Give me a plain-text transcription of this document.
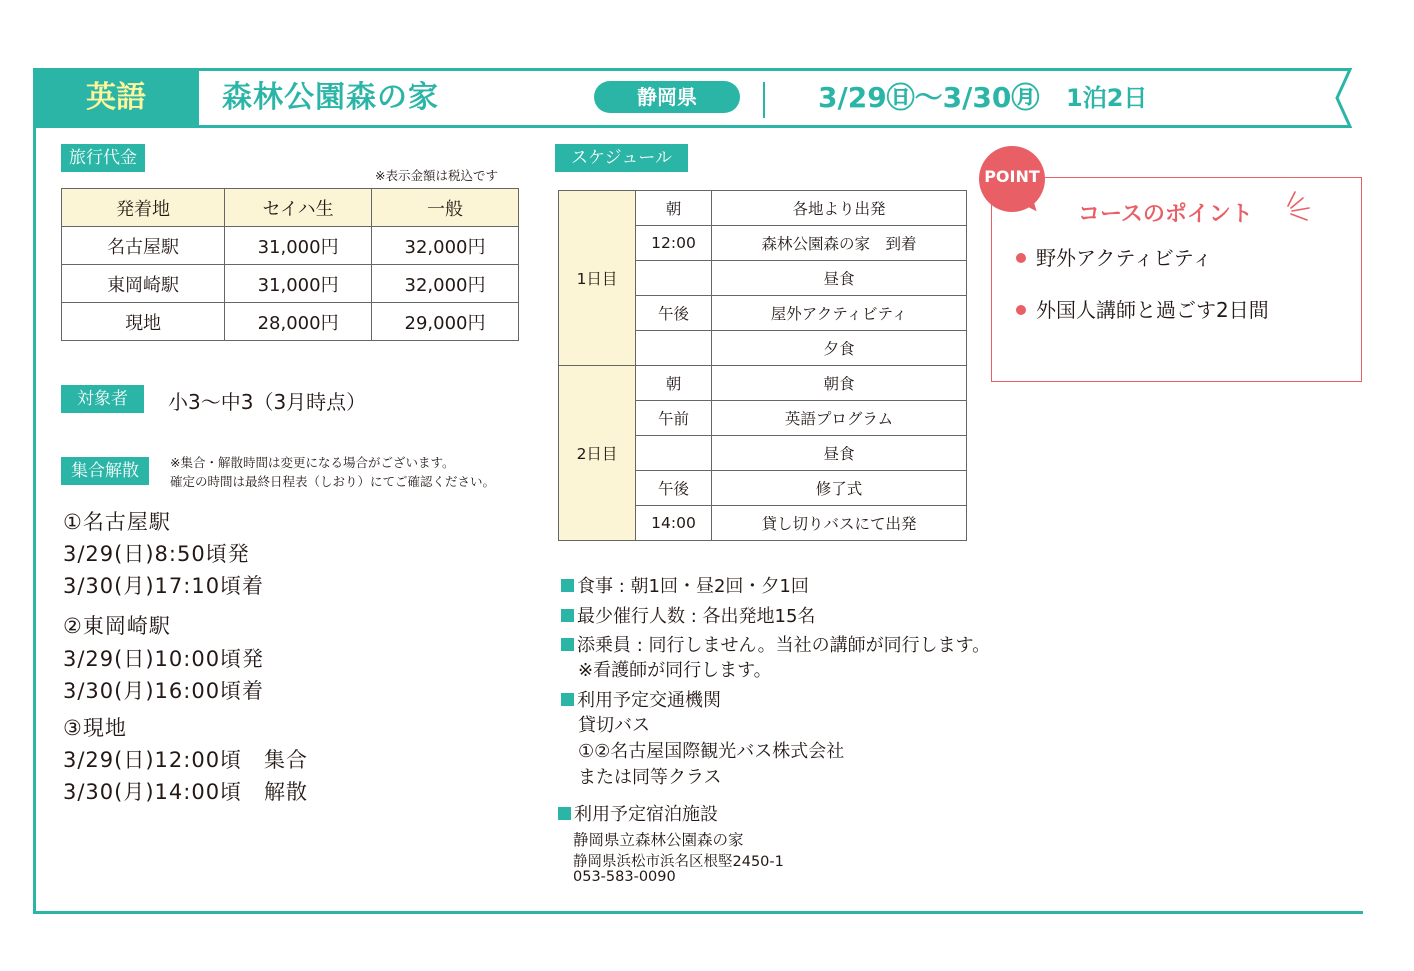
英語	森林公園森の家	静岡県	3/29㊐〜3/30㊊ 1泊2日
旅行代金
※表示金額は税込です
発着地	セイハ生	一般
名古屋駅	31,000円	32,000円
東岡崎駅	31,000円	32,000円
現地	28,000円	29,000円
対象者	小3〜中3（3月時点）
集合解散	※集合・解散時間は変更になる場合がございます。
確定の時間は最終日程表（しおり）にてご確認ください。
①名古屋駅
3/29(日)8:50頃発
3/30(月)17:10頃着
②東岡崎駅
3/29(日)10:00頃発
3/30(月)16:00頃着
③現地
3/29(日)12:00頃　集合
3/30(月)14:00頃　解散
スケジュール
1日目	朝	各地より出発
	12:00	森林公園森の家　到着
		昼食
	午後	屋外アクティビティ
		夕食
2日目	朝	朝食
	午前	英語プログラム
		昼食
	午後	修了式
	14:00	貸し切りバスにて出発
POINT
コースのポイント
野外アクティビティ
外国人講師と過ごす2日間
食事 : 朝1回・昼2回・夕1回
最少催行人数 : 各出発地15名
添乗員 : 同行しません。当社の講師が同行します。
※看護師が同行します。
利用予定交通機関
貸切バス
①②名古屋国際観光バス株式会社
または同等クラス
利用予定宿泊施設
静岡県立森林公園森の家
静岡県浜松市浜名区根堅2450-1
053-583-0090
